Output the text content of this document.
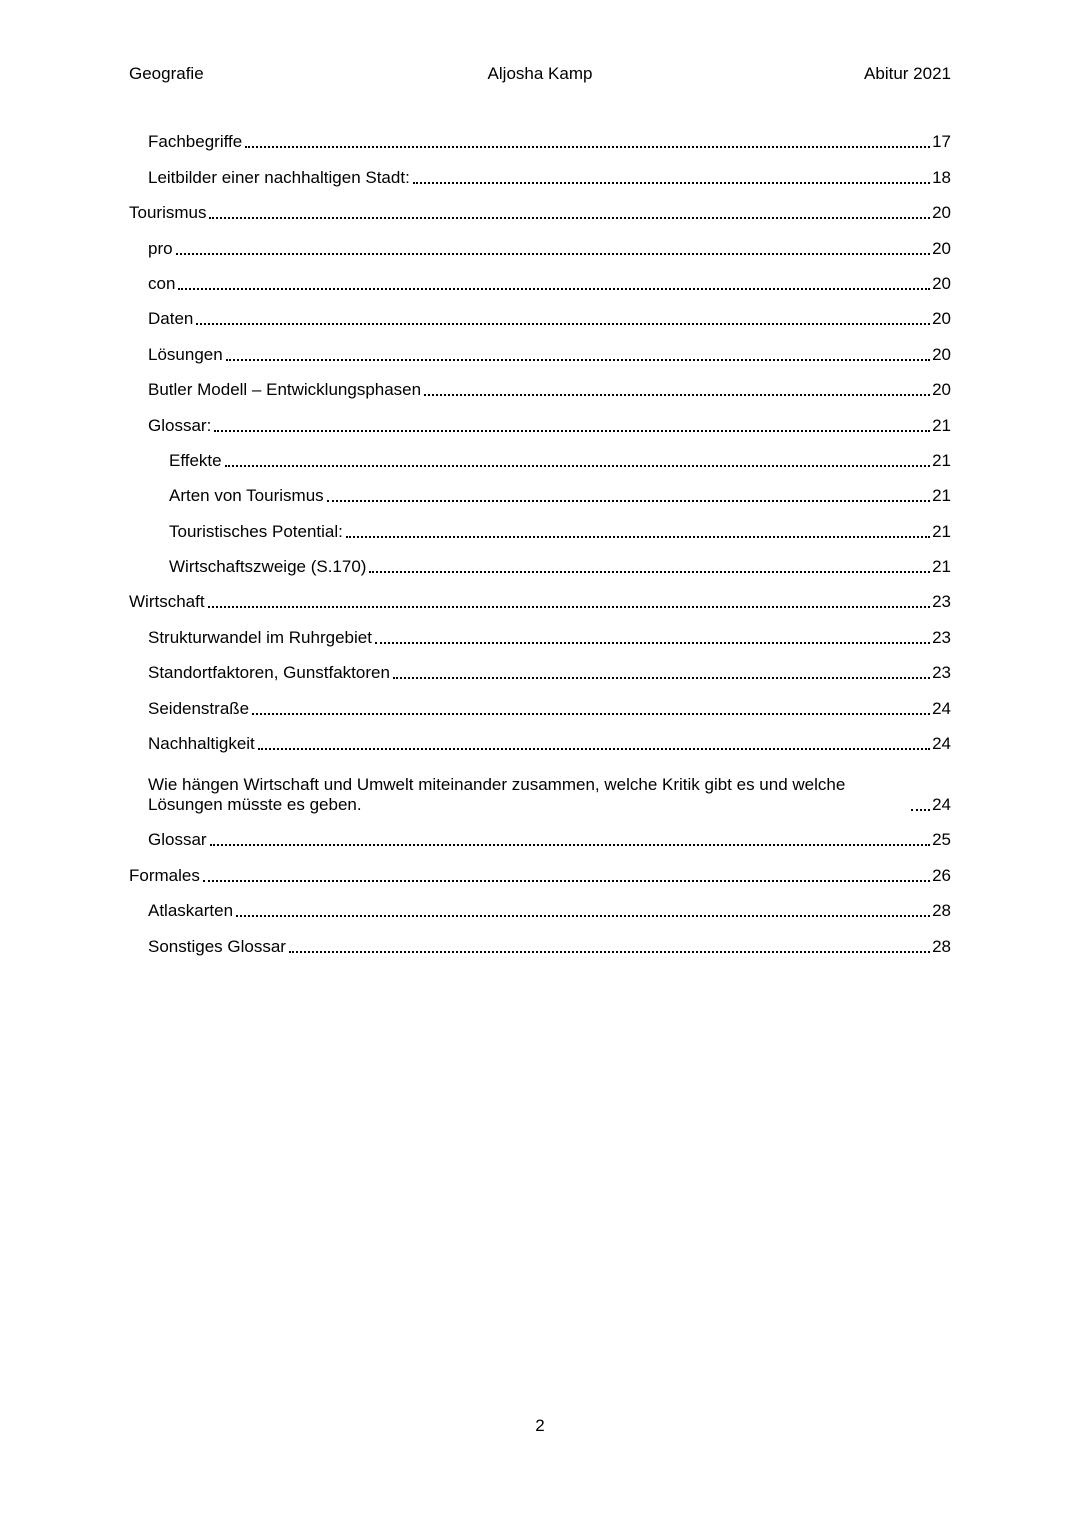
Geografie	Aljosha Kamp	Abitur 2021
Fachbegriffe	17
Leitbilder einer nachhaltigen Stadt:	18
Tourismus	20
pro	20
con	20
Daten	20
Lösungen	20
Butler Modell – Entwicklungsphasen	20
Glossar:	21
Effekte	21
Arten von Tourismus	21
Touristisches Potential:	21
Wirtschaftszweige (S.170)	21
Wirtschaft	23
Strukturwandel im Ruhrgebiet	23
Standortfaktoren, Gunstfaktoren	23
Seidenstraße	24
Nachhaltigkeit	24
Wie hängen Wirtschaft und Umwelt miteinander zusammen, welche Kritik gibt es und welche Lösungen müsste es geben.	24
Glossar	25
Formales	26
Atlaskarten	28
Sonstiges Glossar	28
2
